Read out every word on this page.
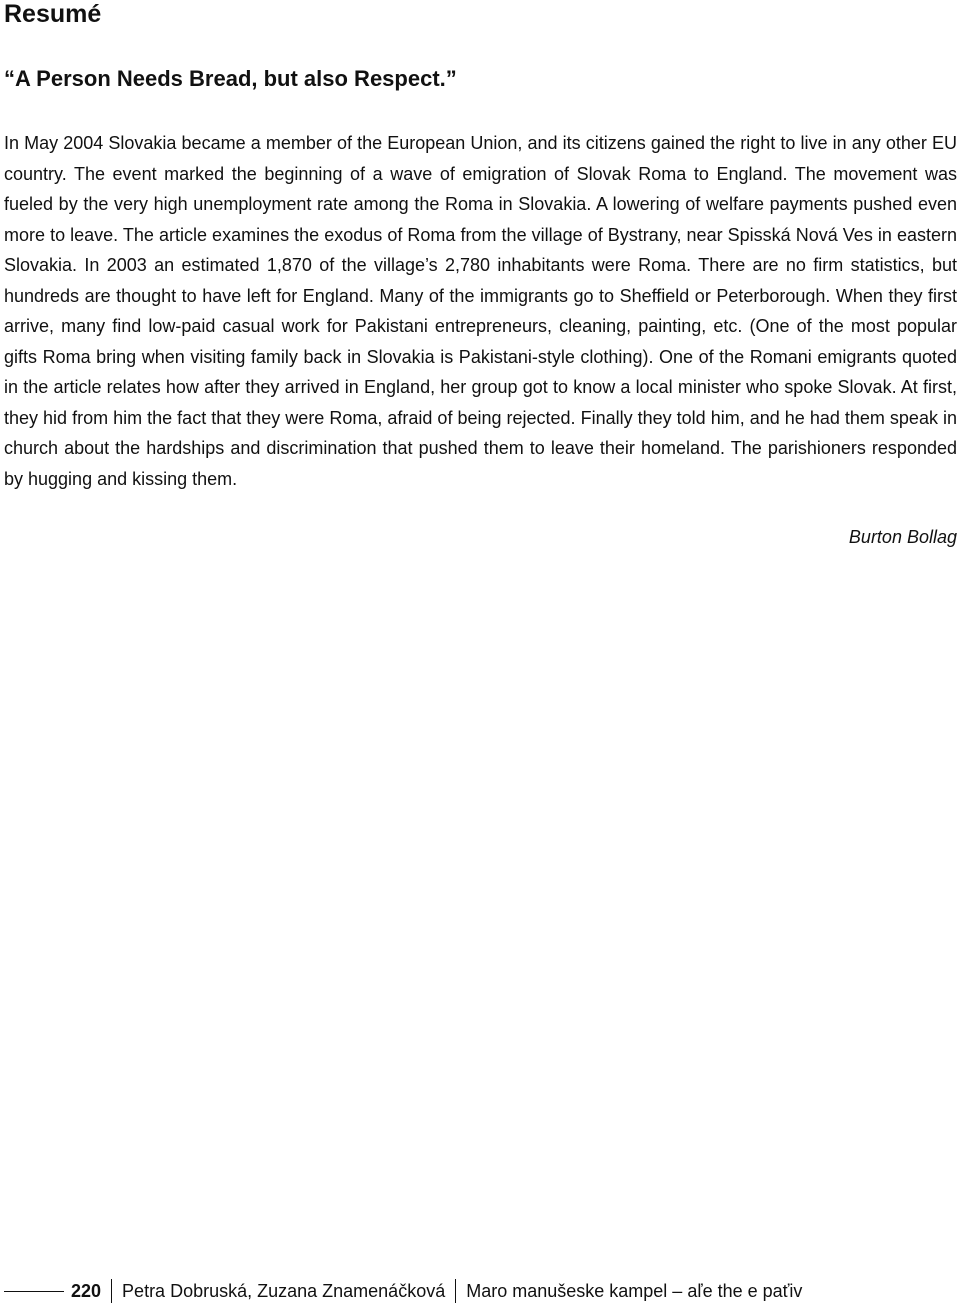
Resumé
“A Person Needs Bread, but also Respect.”

In May 2004 Slovakia became a member of the European Union, and its citizens gained the right to live in any other EU country. The event marked the beginning of a wave of emigration of Slovak Roma to England. The movement was fueled by the very high unemployment rate among the Roma in Slovakia. A lowering of welfare payments pushed even more to leave. The article examines the exodus of Roma from the village of Bystrany, near Spisská Nová Ves in eastern Slovakia. In 2003 an estimated 1,870 of the village’s 2,780 inhabitants were Roma. There are no firm statistics, but hundreds are thought to have left for England. Many of the immigrants go to Sheffield or Peterborough. When they first arrive, many find low-paid casual work for Pakistani entrepreneurs, cleaning, painting, etc. (One of the most popular gifts Roma bring when visiting family back in Slovakia is Pakistani-style clothing). One of the Romani emigrants quoted in the article relates how after they arrived in England, her group got to know a local minister who spoke Slovak. At first, they hid from him the fact that they were Roma, afraid of being rejected. Finally they told him, and he had them speak in church about the hardships and discrimination that pushed them to leave their homeland. The parishioners responded by hugging and kissing them.

Burton Bollag

220 Petra Dobruská, Zuzana Znamenáčková Maro manušeske kampel – aľe the e paťiv
